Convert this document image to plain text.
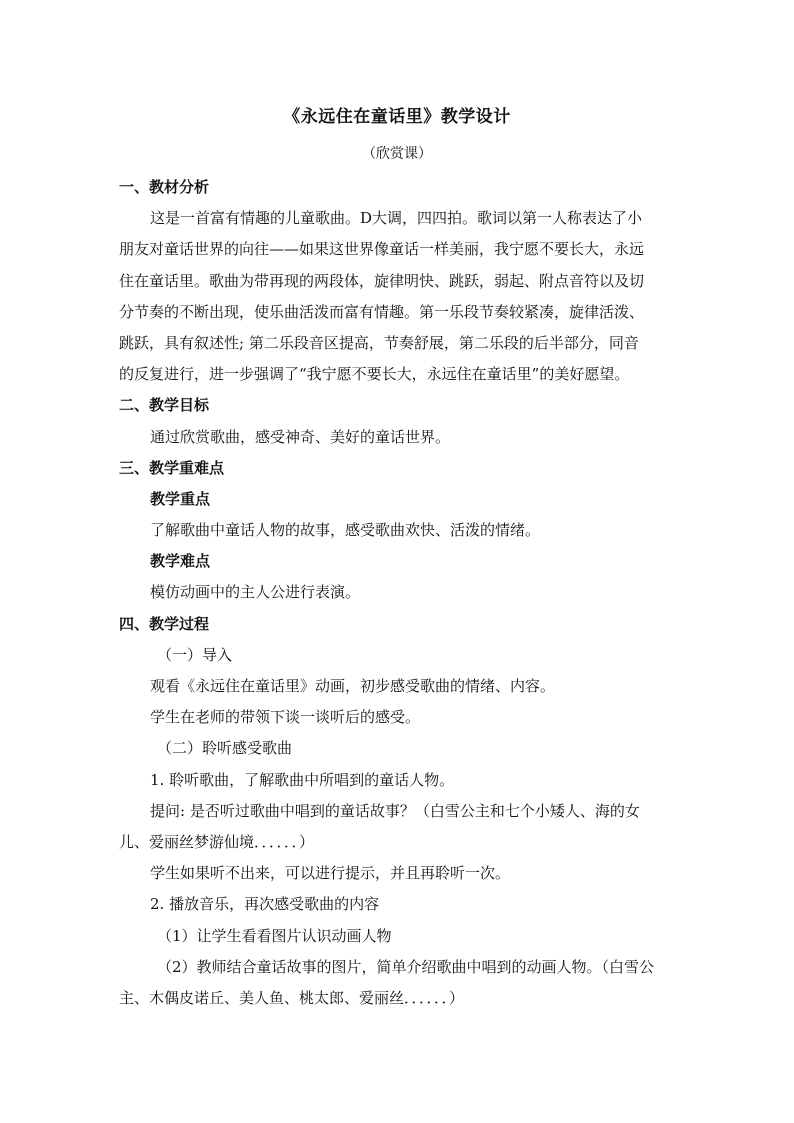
《永远住在童话里》教学设计
（欣赏课）
一、教材分析
这是一首富有情趣的儿童歌曲。D大调，四四拍。歌词以第一人称表达了小
朋友对童话世界的向往——如果这世界像童话一样美丽，我宁愿不要长大，永远
住在童话里。歌曲为带再现的两段体，旋律明快、跳跃，弱起、附点音符以及切
分节奏的不断出现，使乐曲活泼而富有情趣。第一乐段节奏较紧凑，旋律活泼、
跳跃，具有叙述性; 第二乐段音区提高，节奏舒展，第二乐段的后半部分，同音
的反复进行，进一步强调了“我宁愿不要长大，永远住在童话里”的美好愿望。
二、教学目标
通过欣赏歌曲，感受神奇、美好的童话世界。
三、教学重难点
教学重点
了解歌曲中童话人物的故事，感受歌曲欢快、活泼的情绪。
教学难点
模仿动画中的主人公进行表演。
四、教学过程
（一）导入
观看《永远住在童话里》动画，初步感受歌曲的情绪、内容。
学生在老师的带领下谈一谈听后的感受。
（二）聆听感受歌曲
1. 聆听歌曲，了解歌曲中所唱到的童话人物。
提问: 是否听过歌曲中唱到的童话故事？（白雪公主和七个小矮人、海的女
儿、爱丽丝梦游仙境．．．．．．）
学生如果听不出来，可以进行提示，并且再聆听一次。
2. 播放音乐，再次感受歌曲的内容
（1）让学生看看图片认识动画人物
（2）教师结合童话故事的图片，简单介绍歌曲中唱到的动画人物。（白雪公
主、木偶皮诺丘、美人鱼、桃太郎、爱丽丝．．．．．．）
